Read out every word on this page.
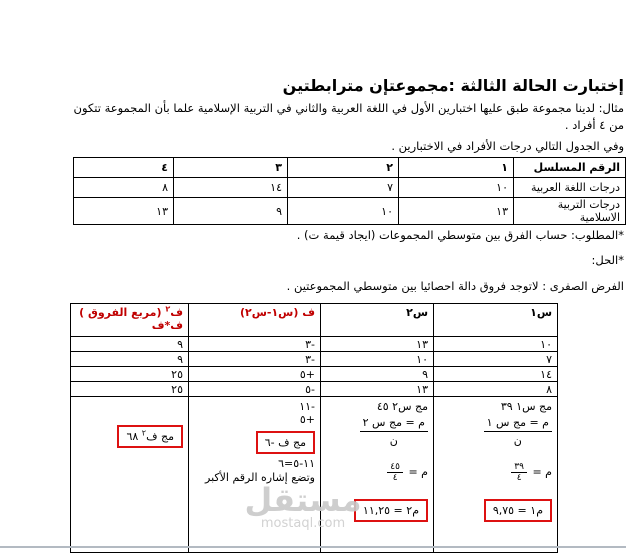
إختبارت الحالة الثالثة :مجموعتإن مترابطتين
مثال: لدينا مجموعة طبق عليها اختبارين الأول في اللغة العربية والثاني في التربية الإسلامية علما بأن المجموعة تتكون
من ٤ أفراد .
وفي الجدول التالي درجات الأفراد في الاختبارين .
الرقم المسلسل	١	٢	٣	٤
درجات اللغة العربية	١٠	٧	١٤	٨
درجات التربية الاسلامية	١٣	١٠	٩	١٣
*المطلوب: حساب الفرق بين متوسطي المجموعات (ايجاد قيمة ت) .
*الحل:
الفرض الصفرى : لاتوجد فروق دالة احصائيا بين متوسطي المجموعتين .
س١	س٢	ف (س١-س٢)	ف$^٢$ (مربع الفروق )
ف*ف

١٠	١٣	-٣	٩
٧	١٠	-٣	٩
١٤	٩	+٥	٢٥
٨	١٣	-٥	٢٥

مج س١ ٣٩
م = مج س ١
ن
م =
٣٩
٤
م١ = ٩,٧٥

مج س٢ ٤٥
م = مج س ٢
ن
م =
٤٥
٤
م٢ = ١١,٢٥

-١١
+٥
مج ف -٦
١١-٥=٦
وتضع إشاره الرقم الأكبر

مج ف$^٢$ ٦٨
مستقل
mostaql.com
